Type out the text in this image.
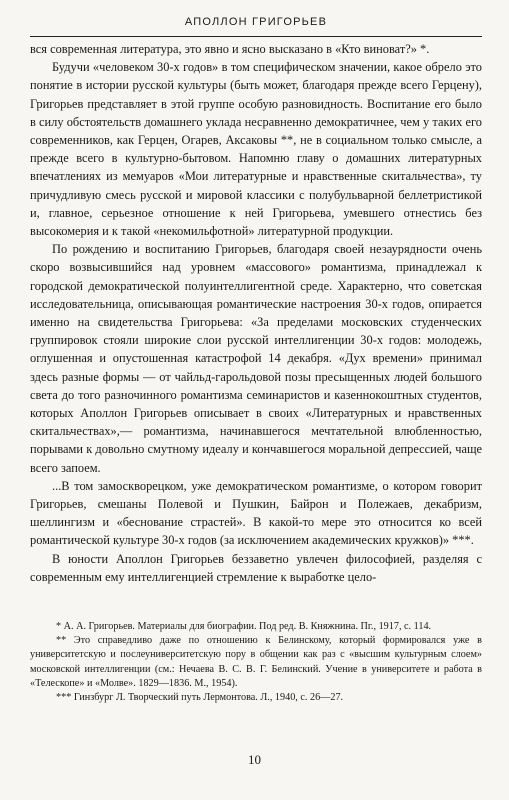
АПОЛЛОН ГРИГОРЬЕВ

вся современная литература, это явно и ясно высказано в «Кто виноват?» *.

Будучи «человеком 30-х годов» в том специфическом значении, какое обрело это понятие в истории русской культуры (быть может, благодаря прежде всего Герцену), Григорьев представляет в этой группе особую разновидность. Воспитание его было в силу обстоятельств домашнего уклада несравненно демократичнее, чем у таких его современников, как Герцен, Огарев, Аксаковы **, не в социальном только смысле, а прежде всего в культурно-бытовом. Напомню главу о домашних литературных впечатлениях из мемуаров «Мои литературные и нравственные скитальчества», ту причудливую смесь русской и мировой классики с полубульварной беллетристикой и, главное, серьезное отношение к ней Григорьева, умевшего отнестись без высокомерия и к такой «некомильфотной» литературной продукции.

По рождению и воспитанию Григорьев, благодаря своей незаурядности очень скоро возвысившийся над уровнем «массового» романтизма, принадлежал к городской демократической полуинтеллигентной среде. Характерно, что советская исследовательница, описывающая романтические настроения 30-х годов, опирается именно на свидетельства Григорьева: «За пределами московских студенческих группировок стояли широкие слои русской интеллигенции 30-х годов: молодежь, оглушенная и опустошенная катастрофой 14 декабря. «Дух времени» принимал здесь разные формы — от чайльд-гарольдовой позы пресыщенных людей большого света до того разночинного романтизма семинаристов и казеннокоштных студентов, которых Аполлон Григорьев описывает в своих «Литературных и нравственных скитальчествах»,— романтизма, начинавшегося мечтательной влюбленностью, порывами к довольно смутному идеалу и кончавшегося моральной депрессией, чаще всего запоем.

...В том замоскворецком, уже демократическом романтизме, о котором говорит Григорьев, смешаны Полевой и Пушкин, Байрон и Полежаев, декабризм, шеллингизм и «беснование страстей». В какой-то мере это относится ко всей романтической культуре 30-х годов (за исключением академических кружков)» ***.

В юности Аполлон Григорьев беззаветно увлечен философией, разделяя с современным ему интеллигенцией стремление к выработке цело-

* А. А. Григорьев. Материалы для биографии. Под ред. В. Княжнина. Пг., 1917, с. 114.

** Это справедливо даже по отношению к Белинскому, который формировался уже в университетскую и послеуниверситетскую пору в общении как раз с «высшим культурным слоем» московской интеллигенции (см.: Нечаева В. С. В. Г. Белинский. Учение в университете и работа в «Телескопе» и «Молве». 1829—1836. М., 1954).

*** Гинзбург Л. Творческий путь Лермонтова. Л., 1940, с. 26—27.

10
